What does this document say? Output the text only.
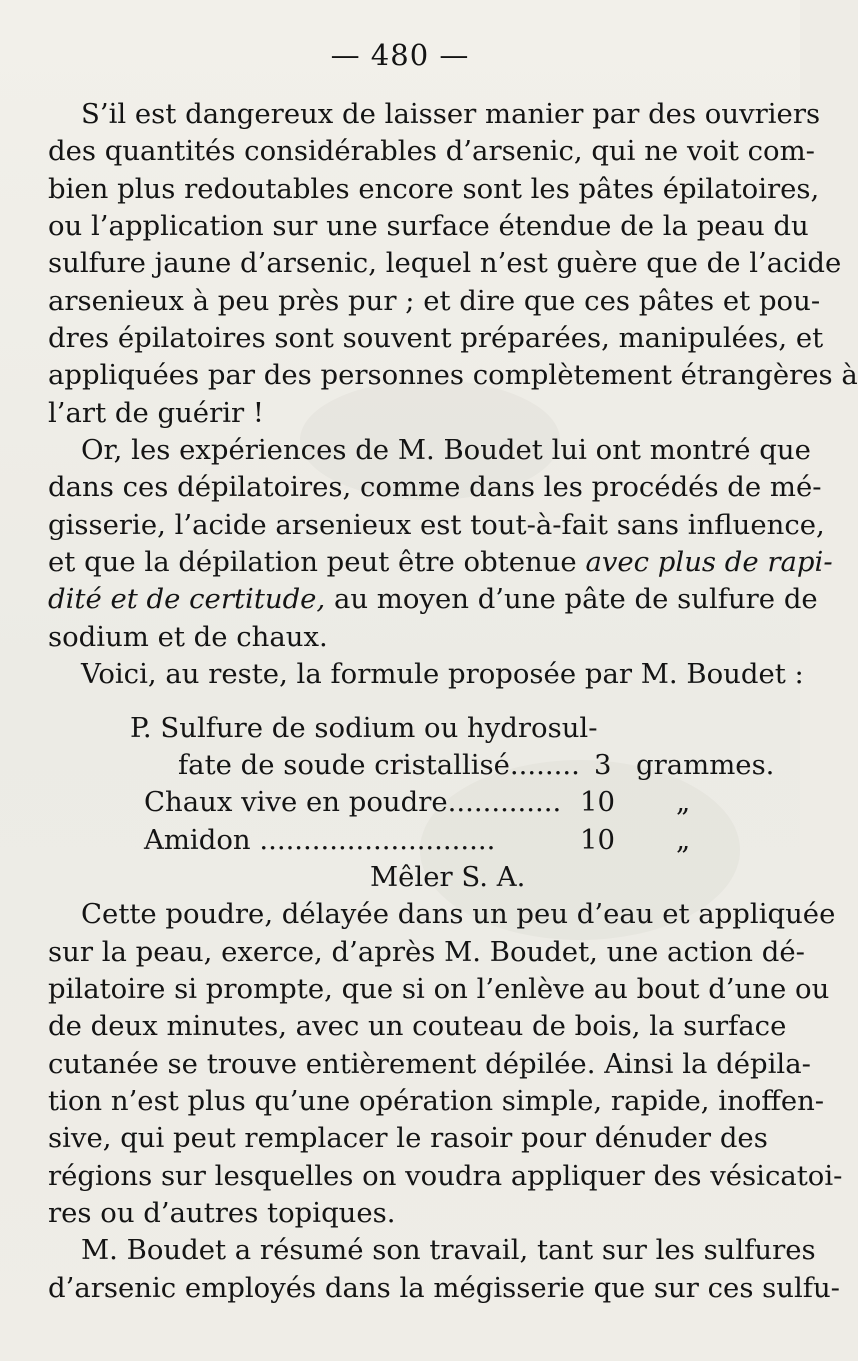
— 480 —
S’il est dangereux de laisser manier par des ouvriers
des quantités considérables d’arsenic, qui ne voit com-
bien plus redoutables encore sont les pâtes épilatoires,
ou l’application sur une surface étendue de la peau du
sulfure jaune d’arsenic, lequel n’est guère que de l’acide
arsenieux à peu près pur ; et dire que ces pâtes et pou-
dres épilatoires sont souvent préparées, manipulées, et
appliquées par des personnes complètement étrangères à
l’art de guérir !
Or, les expériences de M. Boudet lui ont montré que
dans ces dépilatoires, comme dans les procédés de mé-
gisserie, l’acide arsenieux est tout-à-fait sans influence,
et que la dépilation peut être obtenue avec plus de rapi-
dité et de certitude, au moyen d’une pâte de sulfure de
sodium et de chaux.
Voici, au reste, la formule proposée par M. Boudet :
P. Sulfure de sodium ou hydrosul-
fate de soude cristallisé........ 3 grammes.
Chaux vive en poudre............. 10 „
Amidon ...........................	10 „
Mêler S. A.
Cette poudre, délayée dans un peu d’eau et appliquée
sur la peau, exerce, d’après M. Boudet, une action dé-
pilatoire si prompte, que si on l’enlève au bout d’une ou
de deux minutes, avec un couteau de bois, la surface
cutanée se trouve entièrement dépilée. Ainsi la dépila-
tion n’est plus qu’une opération simple, rapide, inoffen-
sive, qui peut remplacer le rasoir pour dénuder des
régions sur lesquelles on voudra appliquer des vésicatoi-
res ou d’autres topiques.
M. Boudet a résumé son travail, tant sur les sulfures
d’arsenic employés dans la mégisserie que sur ces sulfu-
